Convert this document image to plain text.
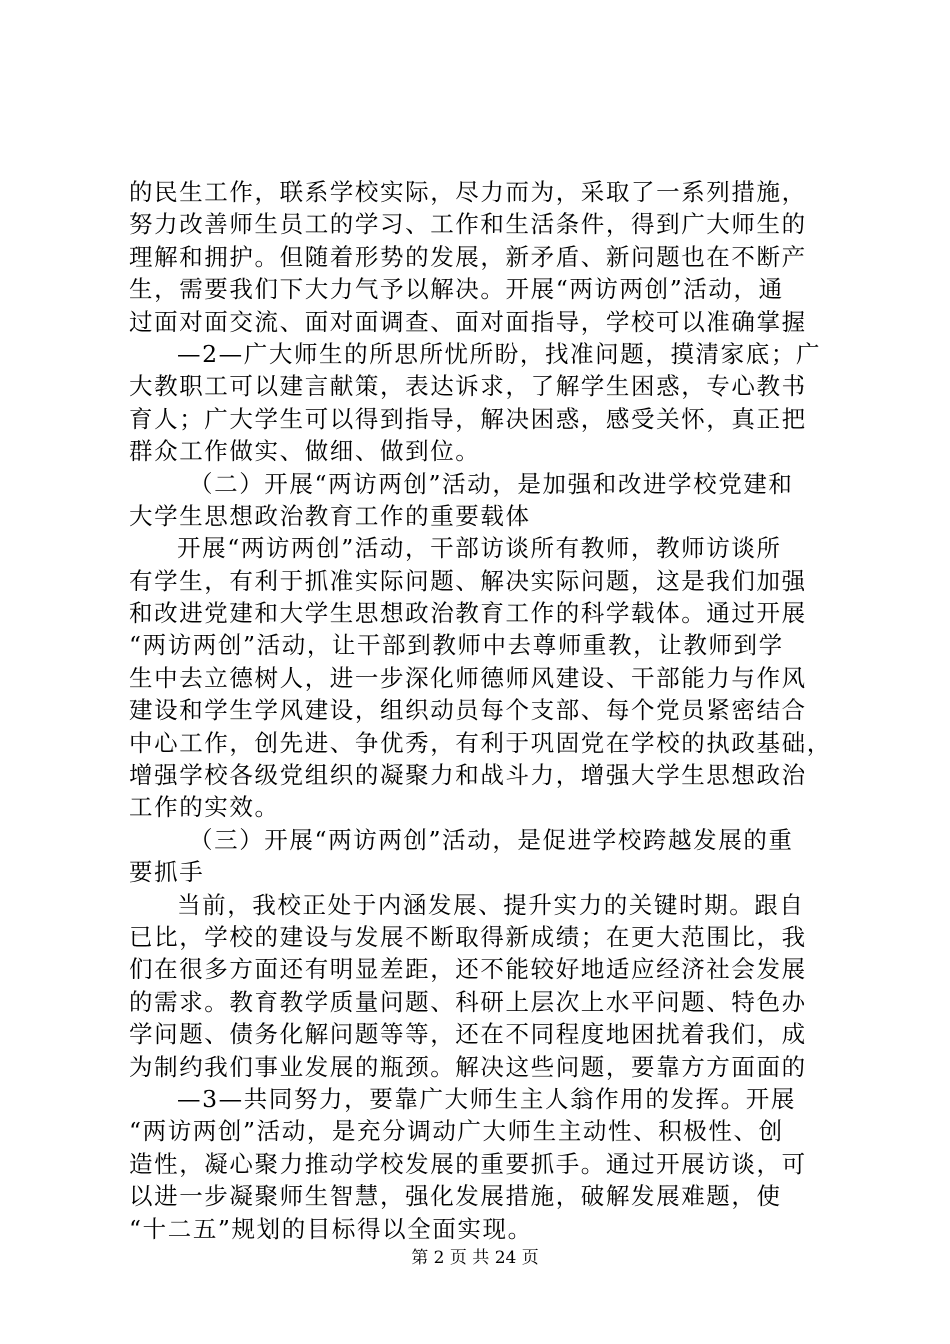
的民生工作，联系学校实际，尽力而为，采取了一系列措施，
努力改善师生员工的学习、工作和生活条件，得到广大师生的
理解和拥护。但随着形势的发展，新矛盾、新问题也在不断产
生，需要我们下大力气予以解决。开展“两访两创”活动，通
过面对面交流、面对面调查、面对面指导，学校可以准确掌握
—2—广大师生的所思所忧所盼，找准问题，摸清家底；广
大教职工可以建言献策，表达诉求，了解学生困惑，专心教书
育人；广大学生可以得到指导，解决困惑，感受关怀，真正把
群众工作做实、做细、做到位。
（二）开展“两访两创”活动，是加强和改进学校党建和
大学生思想政治教育工作的重要载体
开展“两访两创”活动，干部访谈所有教师，教师访谈所
有学生，有利于抓准实际问题、解决实际问题，这是我们加强
和改进党建和大学生思想政治教育工作的科学载体。通过开展
“两访两创”活动，让干部到教师中去尊师重教，让教师到学
生中去立德树人，进一步深化师德师风建设、干部能力与作风
建设和学生学风建设，组织动员每个支部、每个党员紧密结合
中心工作，创先进、争优秀，有利于巩固党在学校的执政基础，
增强学校各级党组织的凝聚力和战斗力，增强大学生思想政治
工作的实效。
（三）开展“两访两创”活动，是促进学校跨越发展的重
要抓手
当前，我校正处于内涵发展、提升实力的关键时期。跟自
已比，学校的建设与发展不断取得新成绩；在更大范围比，我
们在很多方面还有明显差距，还不能较好地适应经济社会发展
的需求。教育教学质量问题、科研上层次上水平问题、特色办
学问题、债务化解问题等等，还在不同程度地困扰着我们，成
为制约我们事业发展的瓶颈。解决这些问题，要靠方方面面的
—3—共同努力，要靠广大师生主人翁作用的发挥。开展
“两访两创”活动，是充分调动广大师生主动性、积极性、创
造性，凝心聚力推动学校发展的重要抓手。通过开展访谈，可
以进一步凝聚师生智慧，强化发展措施，破解发展难题，使
“十二五”规划的目标得以全面实现。
第 2 页 共 24 页
